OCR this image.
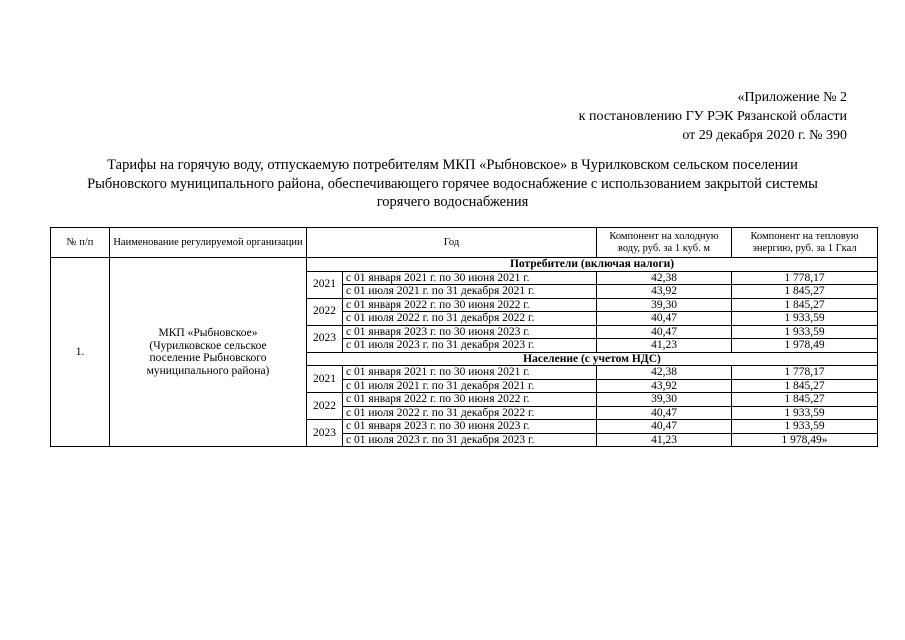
«Приложение № 2
к постановлению ГУ РЭК Рязанской области
от 29 декабря 2020 г. № 390
Тарифы на горячую воду, отпускаемую потребителям МКП «Рыбновское» в Чурилковском сельском поселении
Рыбновского муниципального района, обеспечивающего горячее водоснабжение с использованием закрытой системы
горячего водоснабжения
№ п/п	Наименование регулируемой организации	Год		Компонент на холодную воду, руб. за 1 куб. м	Компонент на тепловую энергию, руб. за 1 Гкал
1.	МКП «Рыбновское»
(Чурилковское сельское
поселение Рыбновского
муниципального района)	Потребители (включая налоги)			
		2021	с 01 января 2021 г. по 30 июня 2021 г.	42,38	1 778,17
			с 01 июля 2021 г. по 31 декабря 2021 г.	43,92	1 845,27
		2022	с 01 января 2022 г. по 30 июня 2022 г.	39,30	1 845,27
			с 01 июля 2022 г. по 31 декабря 2022 г.	40,47	1 933,59
		2023	с 01 января 2023 г. по 30 июня 2023 г.	40,47	1 933,59
			с 01 июля 2023 г. по 31 декабря 2023 г.	41,23	1 978,49
		Население (с учетом НДС)			
		2021	с 01 января 2021 г. по 30 июня 2021 г.	42,38	1 778,17
			с 01 июля 2021 г. по 31 декабря 2021 г.	43,92	1 845,27
		2022	с 01 января 2022 г. по 30 июня 2022 г.	39,30	1 845,27
			с 01 июля 2022 г. по 31 декабря 2022 г.	40,47	1 933,59
		2023	с 01 января 2023 г. по 30 июня 2023 г.	40,47	1 933,59
			с 01 июля 2023 г. по 31 декабря 2023 г.	41,23	1 978,49»
